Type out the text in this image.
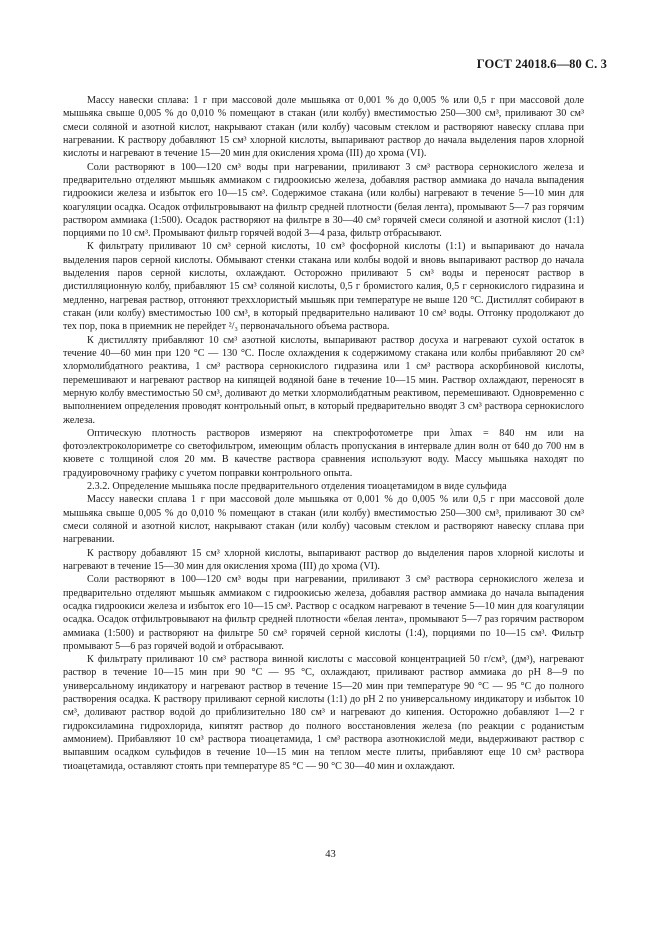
ГОСТ 24018.6—80 С. 3

Массу навески сплава: 1 г при массовой доле мышьяка от 0,001 % до 0,005 % или 0,5 г при массовой доле мышьяка свыше 0,005 % до 0,010 % помещают в стакан (или колбу) вместимостью 250—300 см³, приливают 30 см³ смеси соляной и азотной кислот, накрывают стакан (или колбу) часовым стеклом и растворяют навеску сплава при нагревании. К раствору добавляют 15 см³ хлорной кислоты, выпаривают раствор до начала выделения паров хлорной кислоты и нагревают в течение 15—20 мин для окисления хрома (III) до хрома (VI).

Соли растворяют в 100—120 см³ воды при нагревании, приливают 3 см³ раствора сернокислого железа и предварительно отделяют мышьяк аммиаком с гидроокисью железа, добавляя раствор аммиака до начала выпадения гидроокиси железа и избыток его 10—15 см³. Содержимое стакана (или колбы) нагревают в течение 5—10 мин для коагуляции осадка. Осадок отфильтровывают на фильтр средней плотности (белая лента), промывают 5—7 раз горячим раствором аммиака (1:500). Осадок растворяют на фильтре в 30—40 см³ горячей смеси соляной и азотной кислот (1:1) порциями по 10 см³. Промывают фильтр горячей водой 3—4 раза, фильтр отбрасывают.

К фильтрату приливают 10 см³ серной кислоты, 10 см³ фосфорной кислоты (1:1) и выпаривают до начала выделения паров серной кислоты. Обмывают стенки стакана или колбы водой и вновь выпаривают раствор до начала выделения паров серной кислоты, охлаждают. Осторожно приливают 5 см³ воды и переносят раствор в дистилляционную колбу, прибавляют 15 см³ соляной кислоты, 0,5 г бромистого калия, 0,5 г сернокислого гидразина и медленно, нагревая раствор, отгоняют треххлористый мышьяк при температуре не выше 120 °С. Дистиллят собирают в стакан (или колбу) вместимостью 100 см³, в который предварительно наливают 10 см³ воды. Отгонку продолжают до тех пор, пока в приемник не перейдет ²/₃ первоначального объема раствора.

К дистилляту прибавляют 10 см³ азотной кислоты, выпаривают раствор досуха и нагревают сухой остаток в течение 40—60 мин при 120 °С — 130 °С. После охлаждения к содержимому стакана или колбы прибавляют 20 см³ хлормолибдатного реактива, 1 см³ раствора сернокислого гидразина или 1 см³ раствора аскорбиновой кислоты, перемешивают и нагревают раствор на кипящей водяной бане в течение 10—15 мин. Раствор охлаждают, переносят в мерную колбу вместимостью 50 см³, доливают до метки хлормолибдатным реактивом, перемешивают. Одновременно с выполнением определения проводят контрольный опыт, в который предварительно вводят 3 см³ раствора сернокислого железа.

Оптическую плотность растворов измеряют на спектрофотометре при λmax = 840 нм или на фотоэлектроколориметре со светофильтром, имеющим область пропускания в интервале длин волн от 640 до 700 нм в кювете с толщиной слоя 20 мм. В качестве раствора сравнения используют воду. Массу мышьяка находят по градуировочному графику с учетом поправки контрольного опыта.

2.3.2. Определение мышьяка после предварительного отделения тиоацетамидом в виде сульфида

Массу навески сплава 1 г при массовой доле мышьяка от 0,001 % до 0,005 % или 0,5 г при массовой доле мышьяка свыше 0,005 % до 0,010 % помещают в стакан (или колбу) вместимостью 250—300 см³, приливают 30 см³ смеси соляной и азотной кислот, накрывают стакан (или колбу) часовым стеклом и растворяют навеску сплава при нагревании.

К раствору добавляют 15 см³ хлорной кислоты, выпаривают раствор до выделения паров хлорной кислоты и нагревают в течение 15—30 мин для окисления хрома (III) до хрома (VI).

Соли растворяют в 100—120 см³ воды при нагревании, приливают 3 см³ раствора сернокислого железа и предварительно отделяют мышьяк аммиаком с гидроокисью железа, добавляя раствор аммиака до начала выпадения осадка гидроокиси железа и избыток его 10—15 см³. Раствор с осадком нагревают в течение 5—10 мин для коагуляции осадка. Осадок отфильтровывают на фильтр средней плотности «белая лента», промывают 5—7 раз горячим раствором аммиака (1:500) и растворяют на фильтре 50 см³ горячей серной кислоты (1:4), порциями по 10—15 см³. Фильтр промывают 5—6 раз горячей водой и отбрасывают.

К фильтрату приливают 10 см³ раствора винной кислоты с массовой концентрацией 50 г/см³, (дм³), нагревают раствор в течение 10—15 мин при 90 °С — 95 °С, охлаждают, приливают раствор аммиака до pH 8—9 по универсальному индикатору и нагревают раствор в течение 15—20 мин при температуре 90 °С — 95 °С до полного растворения осадка. К раствору приливают серной кислоты (1:1) до pH 2 по универсальному индикатору и избыток 10 см³, доливают раствор водой до приблизительно 180 см³ и нагревают до кипения. Осторожно добавляют 1—2 г гидроксиламина гидрохлорида, кипятят раствор до полного восстановления железа (по реакции с роданистым аммонием). Прибавляют 10 см³ раствора тиоацетамида, 1 см³ раствора азотнокислой меди, выдерживают раствор с выпавшим осадком сульфидов в течение 10—15 мин на теплом месте плиты, прибавляют еще 10 см³ раствора тиоацетамида, оставляют стоять при температуре 85 °С — 90 °С 30—40 мин и охлаждают.

43
